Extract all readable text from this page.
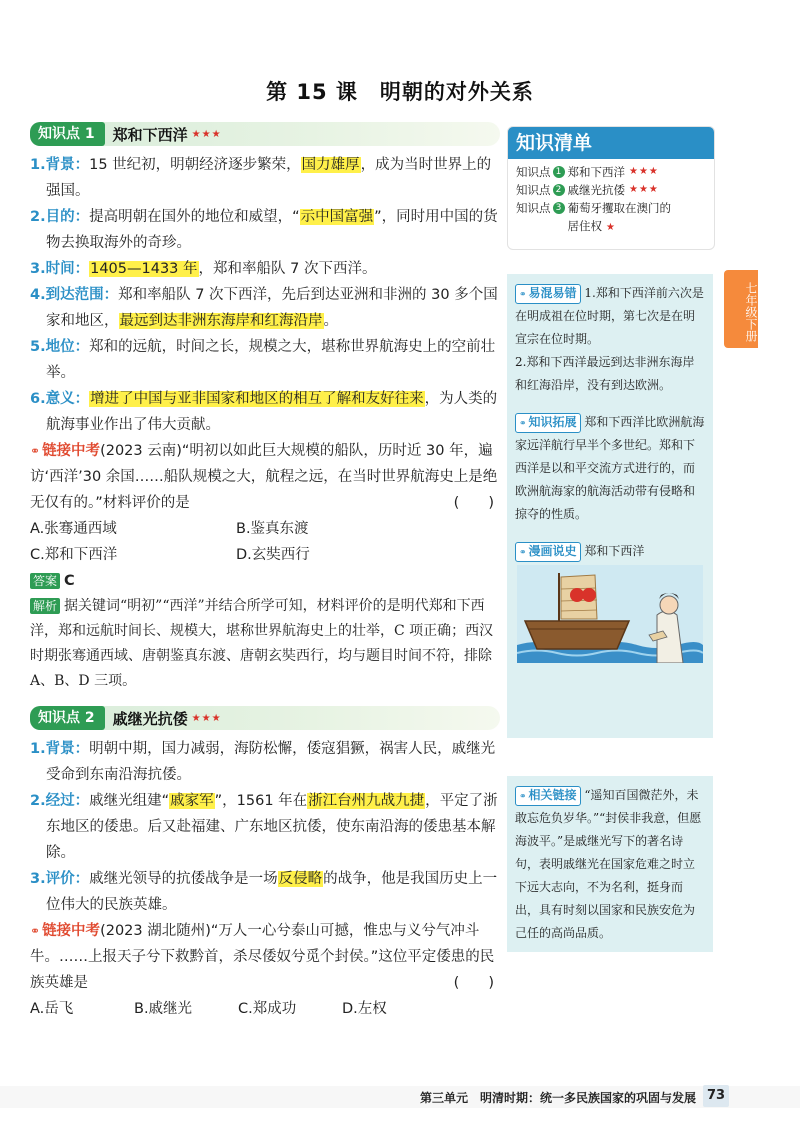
第 15 课　明朝的对外关系
知识点 1	郑和下西洋 ★★★

1.背景：15 世纪初，明朝经济逐步繁荣，国力雄厚，成为当时世界上的强国。

2.目的：提高明朝在国外的地位和威望，“示中国富强”，同时用中国的货物去换取海外的奇珍。

3.时间：1405—1433 年，郑和率船队 7 次下西洋。

4.到达范围：郑和率船队 7 次下西洋，先后到达亚洲和非洲的 30 多个国家和地区，最远到达非洲东海岸和红海沿岸。

5.地位：郑和的远航，时间之长，规模之大，堪称世界航海史上的空前壮举。

6.意义：增进了中国与亚非国家和地区的相互了解和友好往来，为人类的航海事业作出了伟大贡献。

⚭ 链接中考(2023 云南)“明初以如此巨大规模的船队，历时近 30 年，遍访‘西洋’30 余国……船队规模之大，航程之远，在当时世界航海史上是绝无仅有的。”材料评价的是	(　　)

A.张骞通西域	B.鉴真东渡
C.郑和下西洋	D.玄奘西行

答案 C

解析 据关键词“明初”“西洋”并结合所学可知，材料评价的是明代郑和下西洋，郑和远航时间长、规模大，堪称世界航海史上的壮举，C 项正确；西汉时期张骞通西域、唐朝鉴真东渡、唐朝玄奘西行，均与题目时间不符，排除 A、B、D 三项。

知识点 2	戚继光抗倭 ★★★

1.背景：明朝中期，国力减弱，海防松懈，倭寇猖獗，祸害人民，戚继光受命到东南沿海抗倭。

2.经过：戚继光组建“戚家军”，1561 年在浙江台州九战九捷，平定了浙东地区的倭患。后又赴福建、广东地区抗倭，使东南沿海的倭患基本解除。

3.评价：戚继光领导的抗倭战争是一场反侵略的战争，他是我国历史上一位伟大的民族英雄。

⚭ 链接中考(2023 湖北随州)“万人一心兮泰山可撼，惟忠与义兮气冲斗牛。……上报天子兮下救黔首，杀尽倭奴兮觅个封侯。”这位平定倭患的民族英雄是	(　　)

A.岳飞	B.戚继光	C.郑成功	D.左权
知识清单
知识点 1 郑和下西洋 ★★★
知识点 2 戚继光抗倭 ★★★
知识点 3 葡萄牙攫取在澳门的居住权 ★
⚭ 易混易错 1.郑和下西洋前六次是在明成祖在位时期，第七次是在明宣宗在位时期。
2.郑和下西洋最远到达非洲东海岸和红海沿岸，没有到达欧洲。
⚭ 知识拓展 郑和下西洋比欧洲航海家远洋航行早半个多世纪。郑和下西洋是以和平交流方式进行的，而欧洲航海家的航海活动带有侵略和掠夺的性质。
⚭ 漫画说史 郑和下西洋
⚭ 相关链接 “遥知百国微茫外，未敢忘危负岁华。”“封侯非我意，但愿海波平。”是戚继光写下的著名诗句，表明戚继光在国家危难之时立下远大志向，不为名利，挺身而出，具有时刻以国家和民族安危为己任的高尚品质。
七年级下册
第三单元　明清时期：统一多民族国家的巩固与发展 73
